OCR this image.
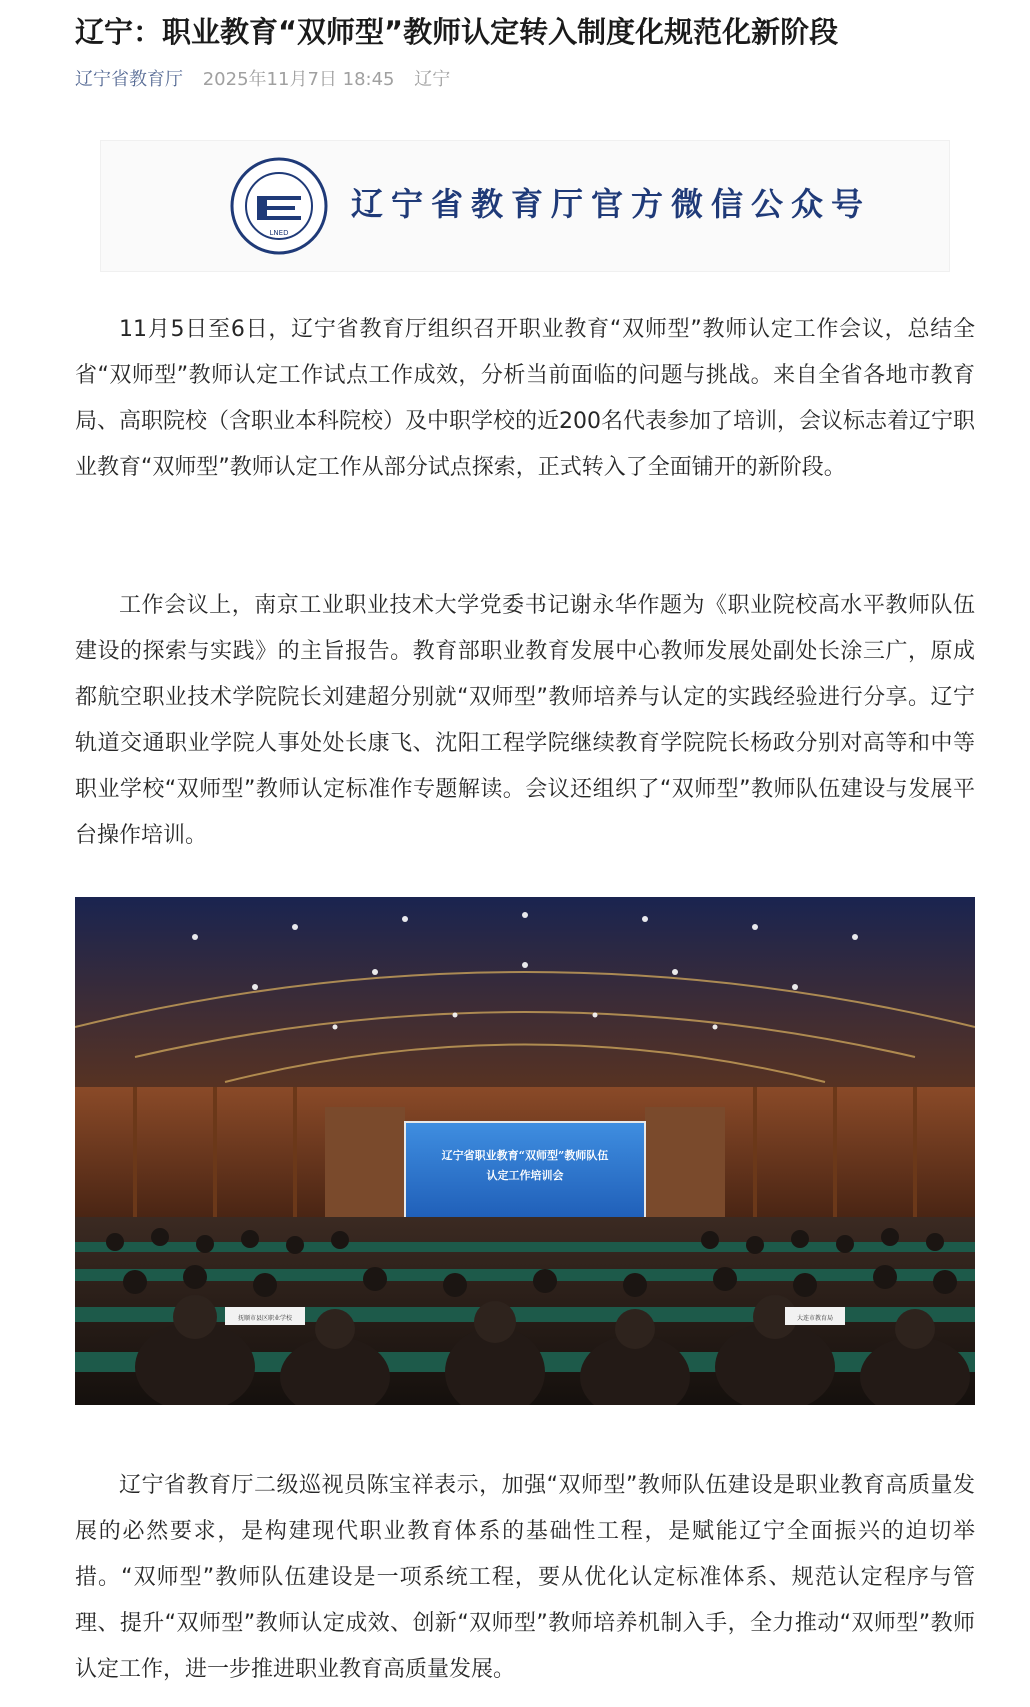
辽宁：职业教育“双师型”教师认定转入制度化规范化新阶段
辽宁省教育厅 2025年11月7日 18:45 辽宁
LNED
辽宁省教育厅官方微信公众号

11月5日至6日，辽宁省教育厅组织召开职业教育“双师型”教师认定工作会议，总结全省“双师型”教师认定工作试点工作成效，分析当前面临的问题与挑战。来自全省各地市教育局、高职院校（含职业本科院校）及中职学校的近200名代表参加了培训，会议标志着辽宁职业教育“双师型”教师认定工作从部分试点探索，正式转入了全面铺开的新阶段。

工作会议上，南京工业职业技术大学党委书记谢永华作题为《职业院校高水平教师队伍建设的探索与实践》的主旨报告。教育部职业教育发展中心教师发展处副处长涂三广，原成都航空职业技术学院院长刘建超分别就“双师型”教师培养与认定的实践经验进行分享。辽宁轨道交通职业学院人事处处长康飞、沈阳工程学院继续教育学院院长杨政分别对高等和中等职业学校“双师型”教师认定标准作专题解读。会议还组织了“双师型”教师队伍建设与发展平台操作培训。

辽宁省职业教育“双师型”教师队伍
认定工作培训会
抚顺市县区职业学校	大连市教育局

辽宁省教育厅二级巡视员陈宝祥表示，加强“双师型”教师队伍建设是职业教育高质量发展的必然要求，是构建现代职业教育体系的基础性工程，是赋能辽宁全面振兴的迫切举措。“双师型”教师队伍建设是一项系统工程，要从优化认定标准体系、规范认定程序与管理、提升“双师型”教师认定成效、创新“双师型”教师培养机制入手，全力推动“双师型”教师认定工作，进一步推进职业教育高质量发展。
